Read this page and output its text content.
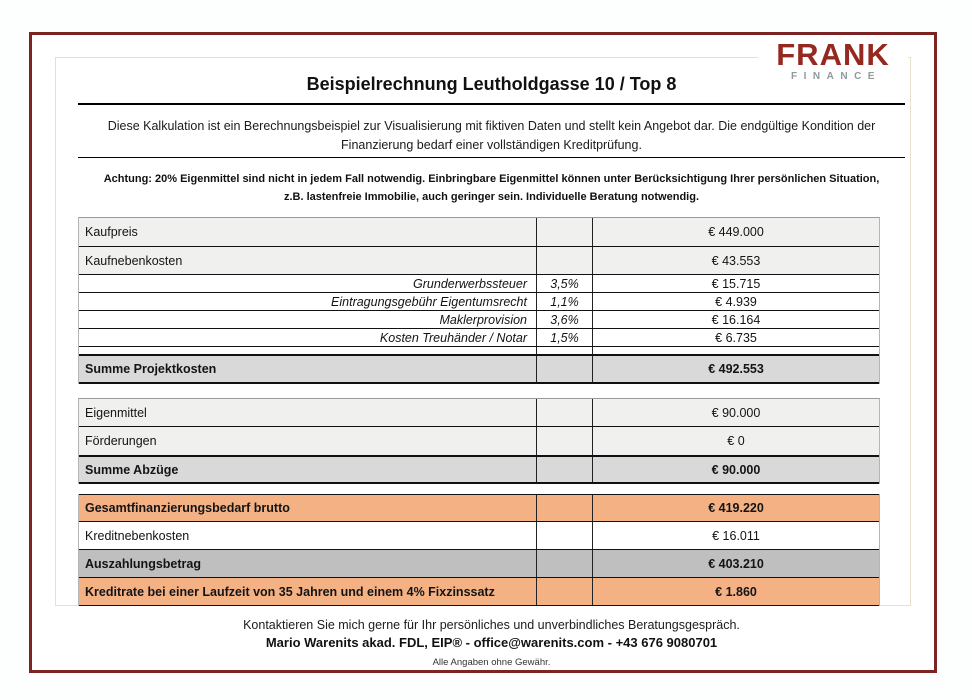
FRANK
FINANCE
Beispielrechnung Leutholdgasse 10 / Top 8
Diese Kalkulation ist ein Berechnungsbeispiel zur Visualisierung mit fiktiven Daten und stellt kein Angebot dar. Die endgültige Kondition der Finanzierung bedarf einer vollständigen Kreditprüfung.
Achtung: 20% Eigenmittel sind nicht in jedem Fall notwendig. Einbringbare Eigenmittel können unter Berücksichtigung Ihrer persönlichen Situation, z.B. lastenfreie Immobilie, auch geringer sein. Individuelle Beratung notwendig.
Kaufpreis	€ 449.000
Kaufnebenkosten	€ 43.553
Grunderwerbssteuer	3,5%	€ 15.715
Eintragungsgebühr Eigentumsrecht	1,1%	€ 4.939
Maklerprovision	3,6%	€ 16.164
Kosten Treuhänder / Notar	1,5%	€ 6.735
Summe Projektkosten	€ 492.553
Eigenmittel	€ 90.000
Förderungen	€ 0
Summe Abzüge	€ 90.000
Gesamtfinanzierungsbedarf brutto	€ 419.220
Kreditnebenkosten	€ 16.011
Auszahlungsbetrag	€ 403.210
Kreditrate bei einer Laufzeit von 35 Jahren und einem 4% Fixzinssatz	€ 1.860
Kontaktieren Sie mich gerne für Ihr persönliches und unverbindliches Beratungsgespräch.
Mario Warenits akad. FDL, EIP® - office@warenits.com - +43 676 9080701
Alle Angaben ohne Gewähr.
